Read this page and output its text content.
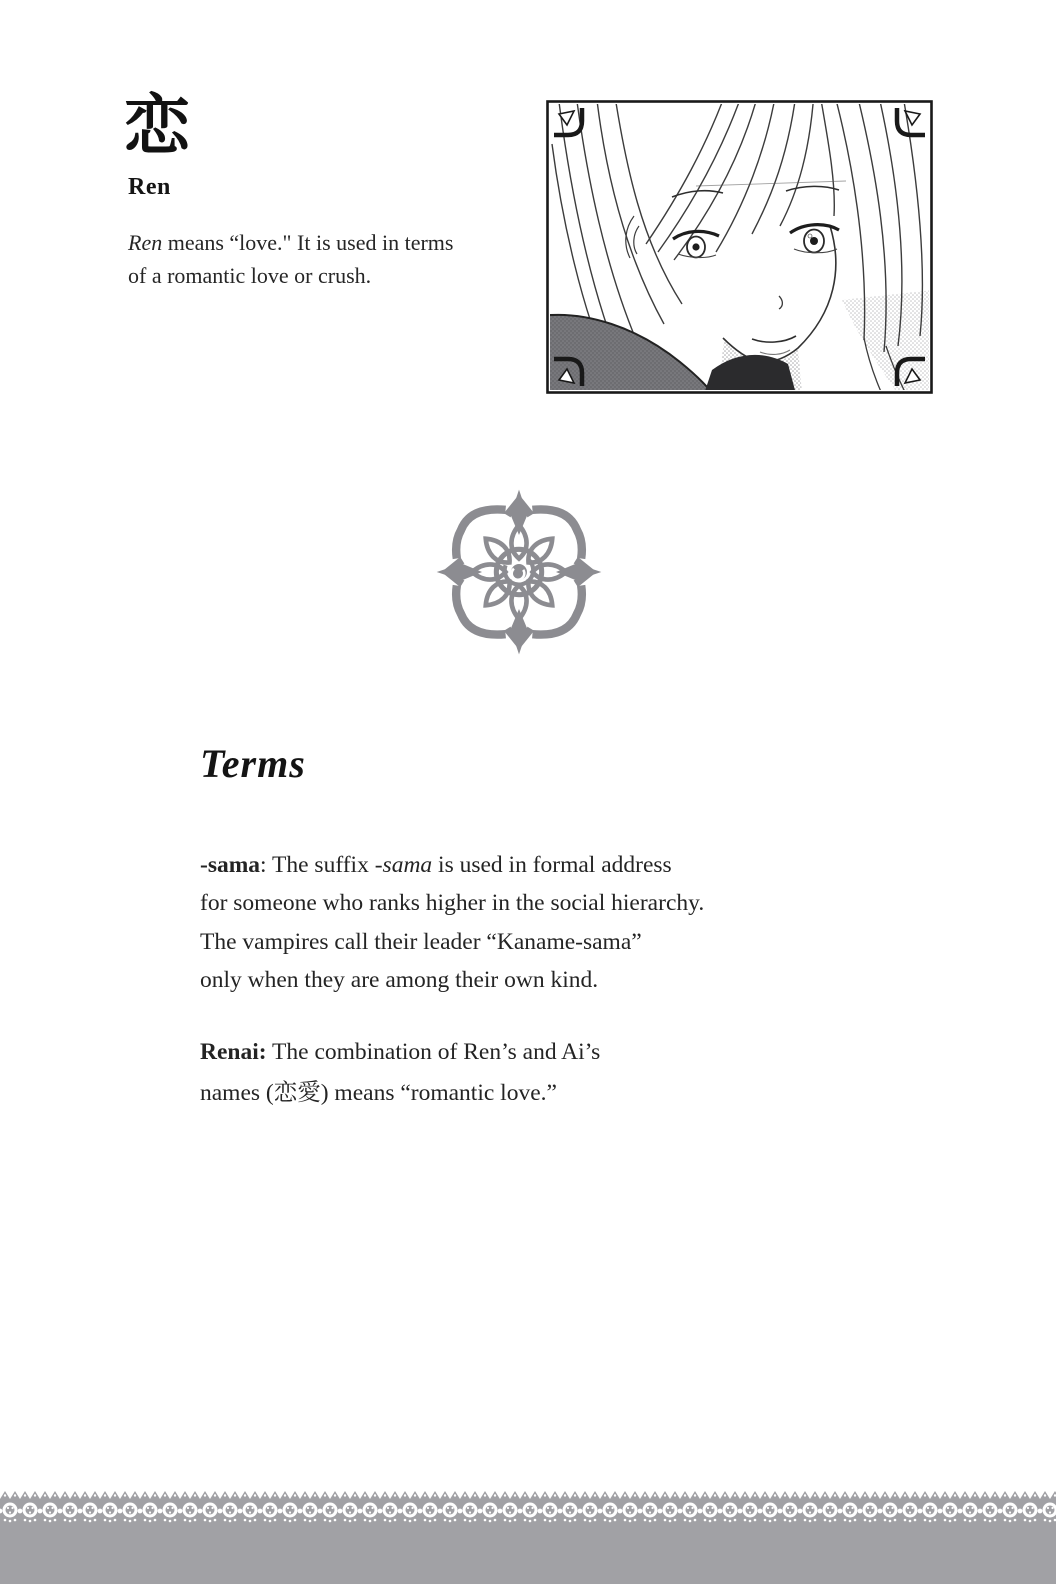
恋
Ren

Ren means “love." It is used in terms
of a romantic love or crush.

Terms

-sama: The suffix -sama is used in formal address
for someone who ranks higher in the social hierarchy.
The vampires call their leader “Kaname-sama”
only when they are among their own kind.

Renai: The combination of Ren’s and Ai’s
names (恋愛) means “romantic love.”
